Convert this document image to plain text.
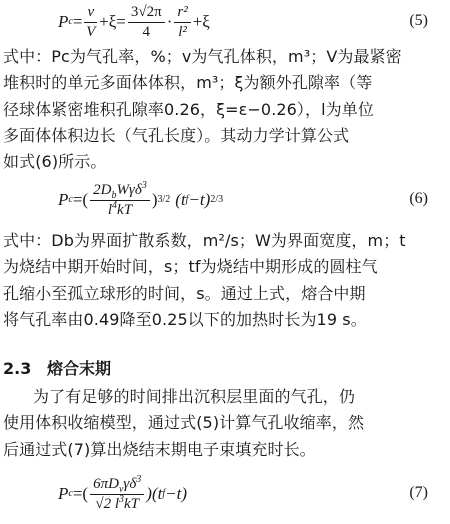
P $c = \frac{v}{V} +\xi= \frac{3√2\pi}{4} \cdot \frac{\text{r²}}{\text{l²}} +\xi$	(5)
式中：Pc为气孔率，%；v为气孔体积，m³；V为最紧密
堆积时的单元多面体体积，m³；ξ为额外孔隙率（等
径球体紧密堆积孔隙率0.26，ξ=ε−0.26），l为单位
多面体体积边长（气孔长度）。其动力学计算公式
如式(6)所示。
P c =( $\frac{2D_bW\gamma\delta^3}{l^4kT}$ ) 3/2 (t f −t) 2/3	(6)
式中：Db为界面扩散系数，m²/s；W为界面宽度，m；t
为烧结中期开始时间，s；tf为烧结中期形成的圆柱气
孔缩小至孤立球形的时间，s。通过上式，熔合中期
将气孔率由0.49降至0.25以下的加热时长为19 s。
2.3 熔合末期
为了有足够的时间排出沉积层里面的气孔，仍
使用体积收缩模型，通过式(5)计算气孔收缩率，然
后通过式(7)算出烧结末期电子束填充时长。
P c =( $\frac{6\pi D_v\gamma\delta^3}{√2 l^3kT} )(t$ f −t)	(7)
